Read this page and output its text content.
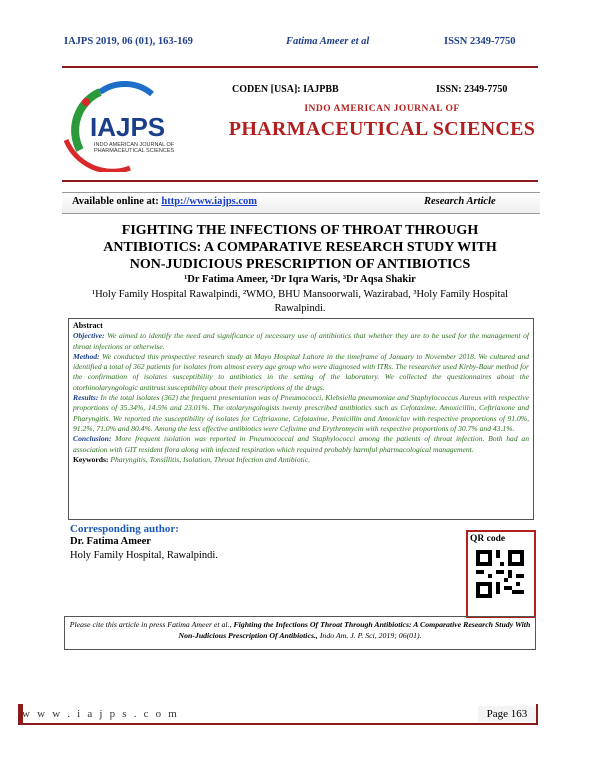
IAJPS 2019, 06 (01), 163-169	Fatima Ameer et al	ISSN 2349-7750
IAJPS
INDO AMERICAN JOURNAL OF
PHARMACEUTICAL SCIENCES
CODEN [USA]: IAJPBB	ISSN: 2349-7750
INDO AMERICAN JOURNAL OF
PHARMACEUTICAL SCIENCES
Available online at: http://www.iajps.com	Research Article
FIGHTING THE INFECTIONS OF THROAT THROUGH
ANTIBIOTICS: A COMPARATIVE RESEARCH STUDY WITH
NON-JUDICIOUS PRESCRIPTION OF ANTIBIOTICS
¹Dr Fatima Ameer, ²Dr Iqra Waris, ³Dr Aqsa Shakir
¹Holy Family Hospital Rawalpindi, ²WMO, BHU Mansoorwali, Wazirabad, ³Holy Family Hospital Rawalpindi.
Abstract

Objective: We aimed to identify the need and significance of necessary use of antibiotics that whether they are to be used for the management of throat infections or otherwise.

Method: We conducted this prospective research study at Mayo Hospital Lahore in the timeframe of January to November 2018. We cultured and identified a total of 362 patients for isolates from almost every age group who were diagnosed with ITRs. The researcher used Kirby-Baur method for the confirmation of isolates susceptibility to antibiotics in the setting of the laboratory. We collected the questionnaires about the otorhinolaryngologic antitrust susceptibility about their prescriptions of the drugs.

Results: In the total isolates (362) the frequent presentation was of Pneumococci, Klebsiella pneumoniae and Staphylococcus Aureus with respective proportions of 35.34%, 14.5% and 23.01%. The otolaryngologists twenty prescribed antibiotics such as Cefotaxime, Amoxicillin, Ceftriaxone and Pharyngitis. We reported the susceptibility of isolates for Ceftriaxone, Cefotaxime, Penicillin and Amoxiclav with respective proportions of 91.0%, 91.2%, 71.0% and 80.4%. Among the less effective antibiotics were Cefixime and Erythromycin with respective proportions of 30.7% and 43.1%.

Conclusion: More frequent isolation was reported in Pneumococcal and Staphylococci among the patients of throat infection. Both had an association with GIT resident flora along with infected respiration which required probably harmful pharmacological management.

Keywords: Pharyngitis, Tonsillitis, Isolation, Throat Infection and Antibiotic.

Corresponding author:
Dr. Fatima Ameer
Holy Family Hospital, Rawalpindi.
QR code
Please cite this article in press Fatima Ameer et al., Fighting the Infections Of Throat Through Antibiotics: A Comparative Research Study With Non-Judicious Prescription Of Antibiotics., Indo Am. J. P. Sci, 2019; 06(01).
w w w . i a j p s . c o m	Page 163
